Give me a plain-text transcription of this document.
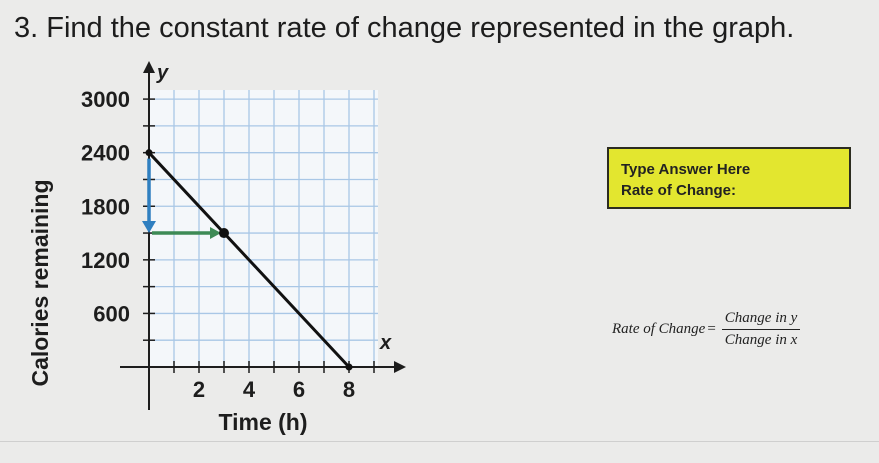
3. Find the constant rate of change represented in the graph.
600
1200
1800
2400
3000
2 4 6 8
Calories remaining
Time (h)
y
x
Type Answer Here
Rate of Change:
Rate of Change = $\frac{\text{Change in y}}{\text{Change in x}}$
